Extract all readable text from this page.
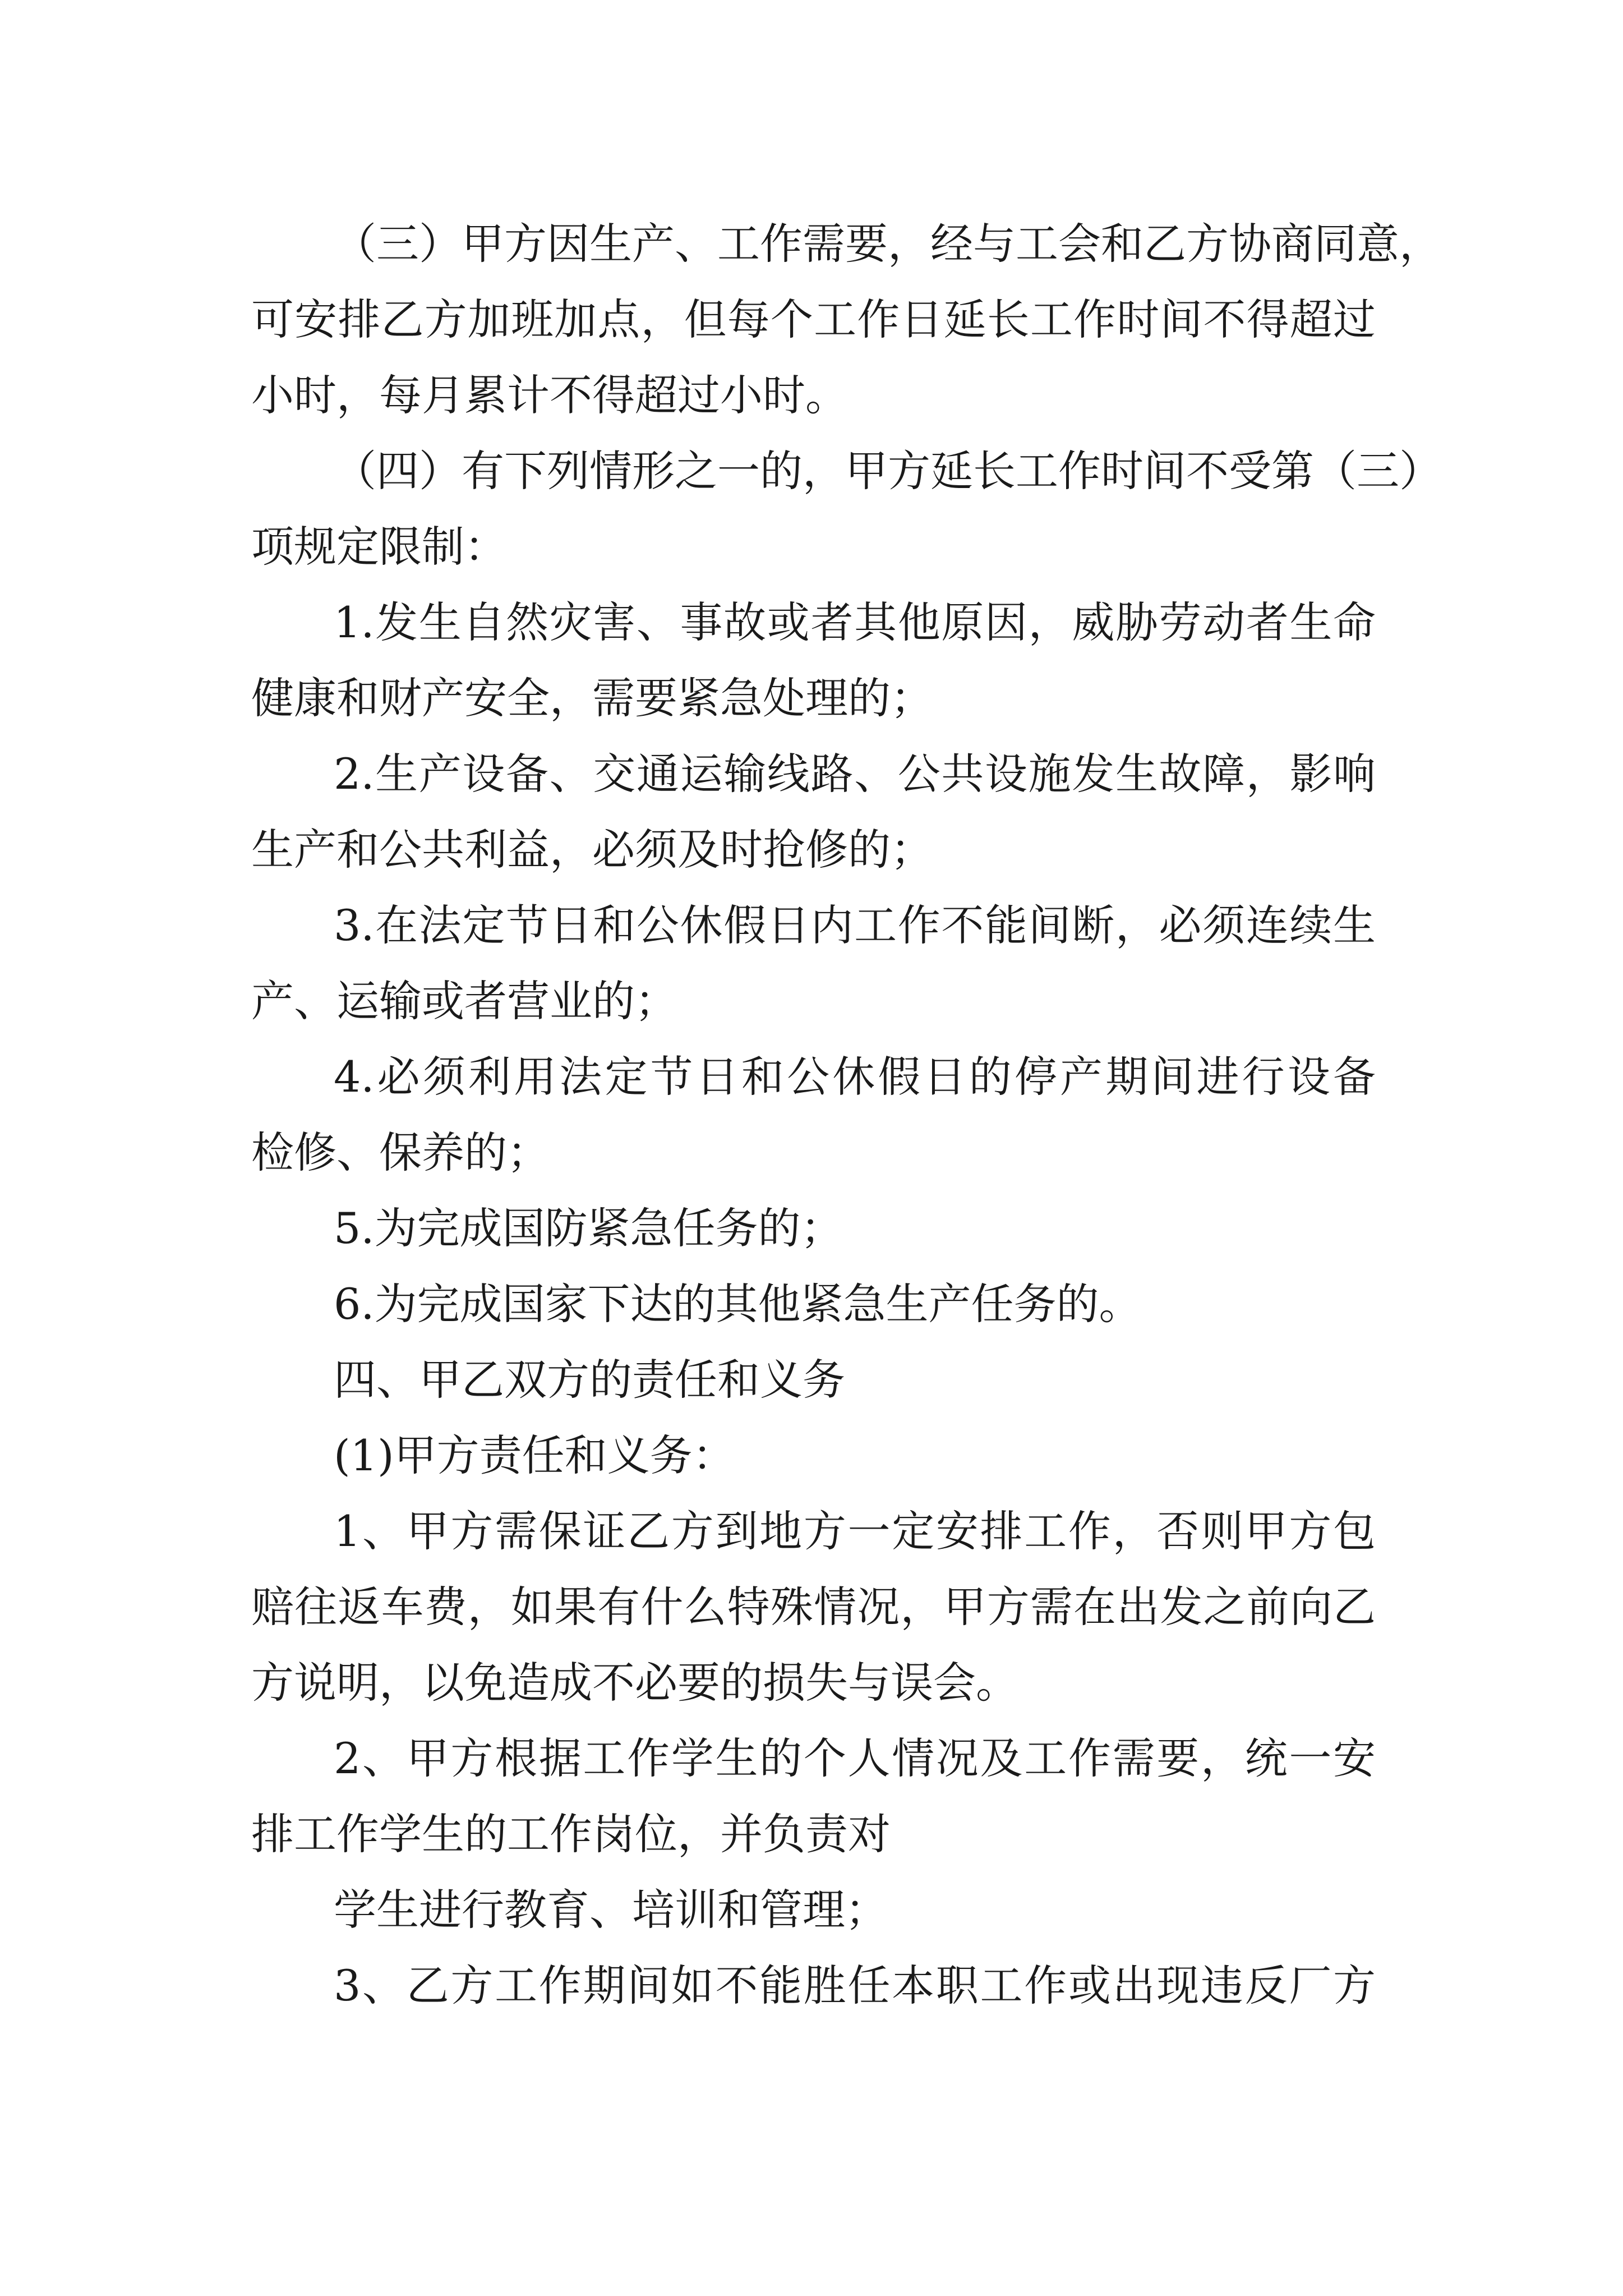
（三）甲方因生产、工作需要，经与工会和乙方协商同意，
可安排乙方加班加点，但每个工作日延长工作时间不得超过
小时，每月累计不得超过小时。
（四）有下列情形之一的，甲方延长工作时间不受第（三）
项规定限制：
1.发生自然灾害、事故或者其他原因，威胁劳动者生命
健康和财产安全，需要紧急处理的；
2.生产设备、交通运输线路、公共设施发生故障，影响
生产和公共利益，必须及时抢修的；
3.在法定节日和公休假日内工作不能间断，必须连续生
产、运输或者营业的；
4.必须利用法定节日和公休假日的停产期间进行设备
检修、保养的；
5.为完成国防紧急任务的；
6.为完成国家下达的其他紧急生产任务的。
四、甲乙双方的责任和义务
(1)甲方责任和义务：
1、甲方需保证乙方到地方一定安排工作，否则甲方包
赔往返车费，如果有什么特殊情况，甲方需在出发之前向乙
方说明，以免造成不必要的损失与误会。
2、甲方根据工作学生的个人情况及工作需要，统一安
排工作学生的工作岗位，并负责对
学生进行教育、培训和管理；
3、乙方工作期间如不能胜任本职工作或出现违反厂方
